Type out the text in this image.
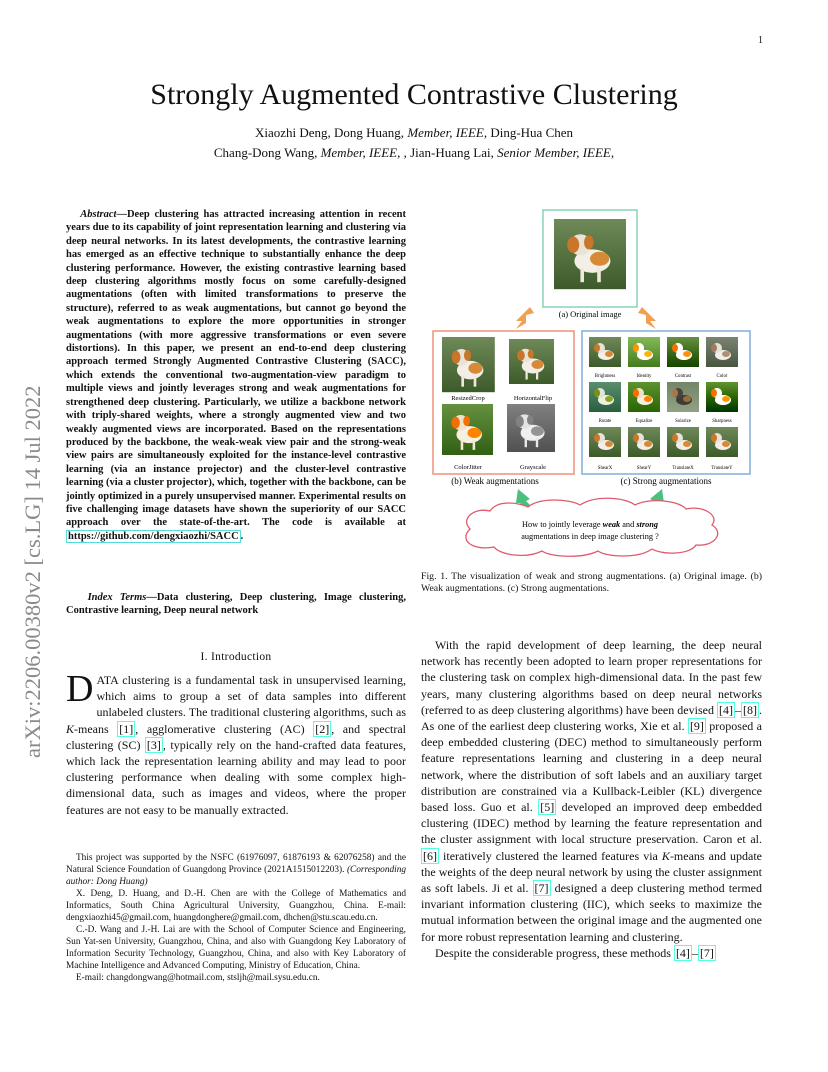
1
arXiv:2206.00380v2 [cs.LG] 14 Jul 2022
Strongly Augmented Contrastive Clustering
Xiaozhi Deng, Dong Huang, Member, IEEE, Ding-Hua Chen
Chang-Dong Wang, Member, IEEE, , Jian-Huang Lai, Senior Member, IEEE,
Abstract—Deep clustering has attracted increasing attention in recent years due to its capability of joint representation learning and clustering via deep neural networks. In its latest developments, the contrastive learning has emerged as an effective technique to substantially enhance the deep clustering performance. However, the existing contrastive learning based deep clustering algorithms mostly focus on some carefully-designed augmentations (often with limited transformations to preserve the structure), referred to as weak augmentations, but cannot go beyond the weak augmentations to explore the more opportunities in stronger augmentations (with more aggressive transformations or even severe distortions). In this paper, we present an end-to-end deep clustering approach termed Strongly Augmented Contrastive Clustering (SACC), which extends the conventional two-augmentation-view paradigm to multiple views and jointly leverages strong and weak augmentations for strengthened deep clustering. Particularly, we utilize a backbone network with triply-shared weights, where a strongly augmented view and two weakly augmented views are incorporated. Based on the representations produced by the backbone, the weak-weak view pair and the strong-weak view pairs are simultaneously exploited for the instance-level contrastive learning (via an instance projector) and the cluster-level contrastive learning (via a cluster projector), which, together with the backbone, can be jointly optimized in a purely unsupervised manner. Experimental results on five challenging image datasets have shown the superiority of our SACC approach over the state-of-the-art. The code is available at https://github.com/dengxiaozhi/SACC .
Index Terms—Data clustering, Deep clustering, Image clustering, Contrastive learning, Deep neural network
I. Introduction
DATA clustering is a fundamental task in unsupervised learning, which aims to group a set of data samples into different unlabeled clusters. The traditional clustering algorithms, such as K-means [1] , agglomerative clustering (AC) [2] , and spectral clustering (SC) [3] , typically rely on the hand-crafted data features, which lack the representation learning ability and may lead to poor clustering performance when dealing with some complex high-dimensional data, such as images and videos, where the proper features are not easy to be manually extracted.

This project was supported by the NSFC (61976097, 61876193 & 62076258) and the Natural Science Foundation of Guangdong Province (2021A1515012203). (Corresponding author: Dong Huang)

X. Deng, D. Huang, and D.-H. Chen are with the College of Mathematics and Informatics, South China Agricultural University, Guangzhou, China. E-mail: dengxiaozhi45@gmail.com, huangdonghere@gmail.com, dhchen@stu.scau.edu.cn.

C.-D. Wang and J.-H. Lai are with the School of Computer Science and Engineering, Sun Yat-sen University, Guangzhou, China, and also with Guangdong Key Laboratory of Information Security Technology, Guangzhou, China, and also with Key Laboratory of Machine Intelligence and Advanced Computing, Ministry of Education, China.

E-mail: changdongwang@hotmail.com, stsljh@mail.sysu.edu.cn.

With the rapid development of deep learning, the deep neural network has recently been adopted to learn proper representations for the clustering task on complex high-dimensional data. In the past few years, many clustering algorithms based on deep neural networks (referred to as deep clustering algorithms) have been devised [4] – [8] . As one of the earliest deep clustering works, Xie et al. [9] proposed a deep embedded clustering (DEC) method to simultaneously perform feature representations learning and clustering in a deep neural network, where the distribution of soft labels and an auxiliary target distribution are constrained via a Kullback-Leibler (KL) divergence based loss. Guo et al. [5] developed an improved deep embedded clustering (IDEC) method by learning the feature representation and the cluster assignment with local structure preservation. Caron et al. [6] iteratively clustered the learned features via K-means and update the weights of the deep neural network by using the cluster assignment as soft labels. Ji et al. [7] designed a deep clustering method termed invariant information clustering (IIC), which seeks to maximize the mutual information between the original image and the augmented one for more robust representation learning and clustering.

Despite the considerable progress, these methods [4] – [7]

(a) Original image
ResizedCrop	HorizontalFlip
ColorJitter	Grayscale
(b) Weak augmentations
Brightness	Identity	Contrast	Color
Rotate	Equalize	Solarize	Sharpness
ShearX	ShearY	TranslateX	TranslateY
(c) Strong augmentations
How to jointly leverage weak and strong
augmentations in deep image clustering ?
Fig. 1. The visualization of weak and strong augmentations. (a) Original image. (b) Weak augmentations. (c) Strong augmentations.
